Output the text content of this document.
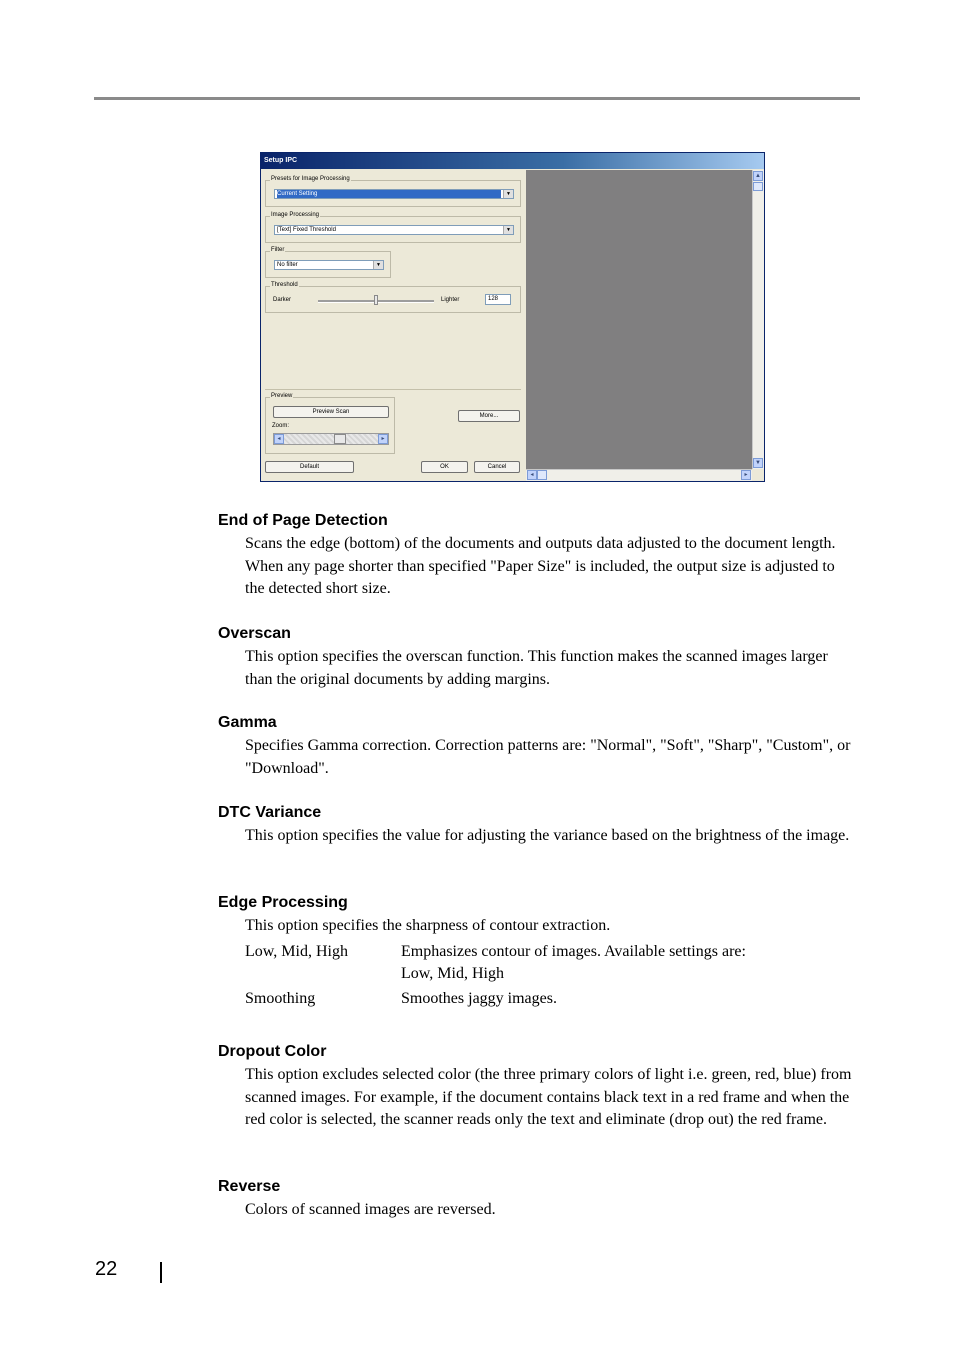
Setup IPC
Presets for Image Processing
Current Setting	▼
Image Processing
[Text] Fixed Threshold	▼
Filter
No filter	▼
Threshold
Darker	Lighter	128
Preview
Preview Scan
Zoom:
◂	▸
More...
Default	OK	Cancel
▲
▼
◂	▸
End of Page Detection

Scans the edge (bottom) of the documents and outputs data adjusted to the document length. When any page shorter than specified "Paper Size" is included, the output size is adjusted to the detected short size.

Overscan

This option specifies the overscan function. This function makes the scanned images larger than the original documents by adding margins.

Gamma

Specifies Gamma correction. Correction patterns are: "Normal", "Soft", "Sharp", "Custom", or "Download".

DTC Variance

This option specifies the value for adjusting the variance based on the brightness of the image.

Edge Processing

This option specifies the sharpness of contour extraction.

Low, Mid, High	Emphasizes contour of images. Available settings are: Low, Mid, High
Smoothing	Smoothes jaggy images.
Dropout Color

This option excludes selected color (the three primary colors of light i.e. green, red, blue) from scanned images. For example, if the document contains black text in a red frame and when the red color is selected, the scanner reads only the text and eliminate (drop out) the red frame.

Reverse

Colors of scanned images are reversed.

22
